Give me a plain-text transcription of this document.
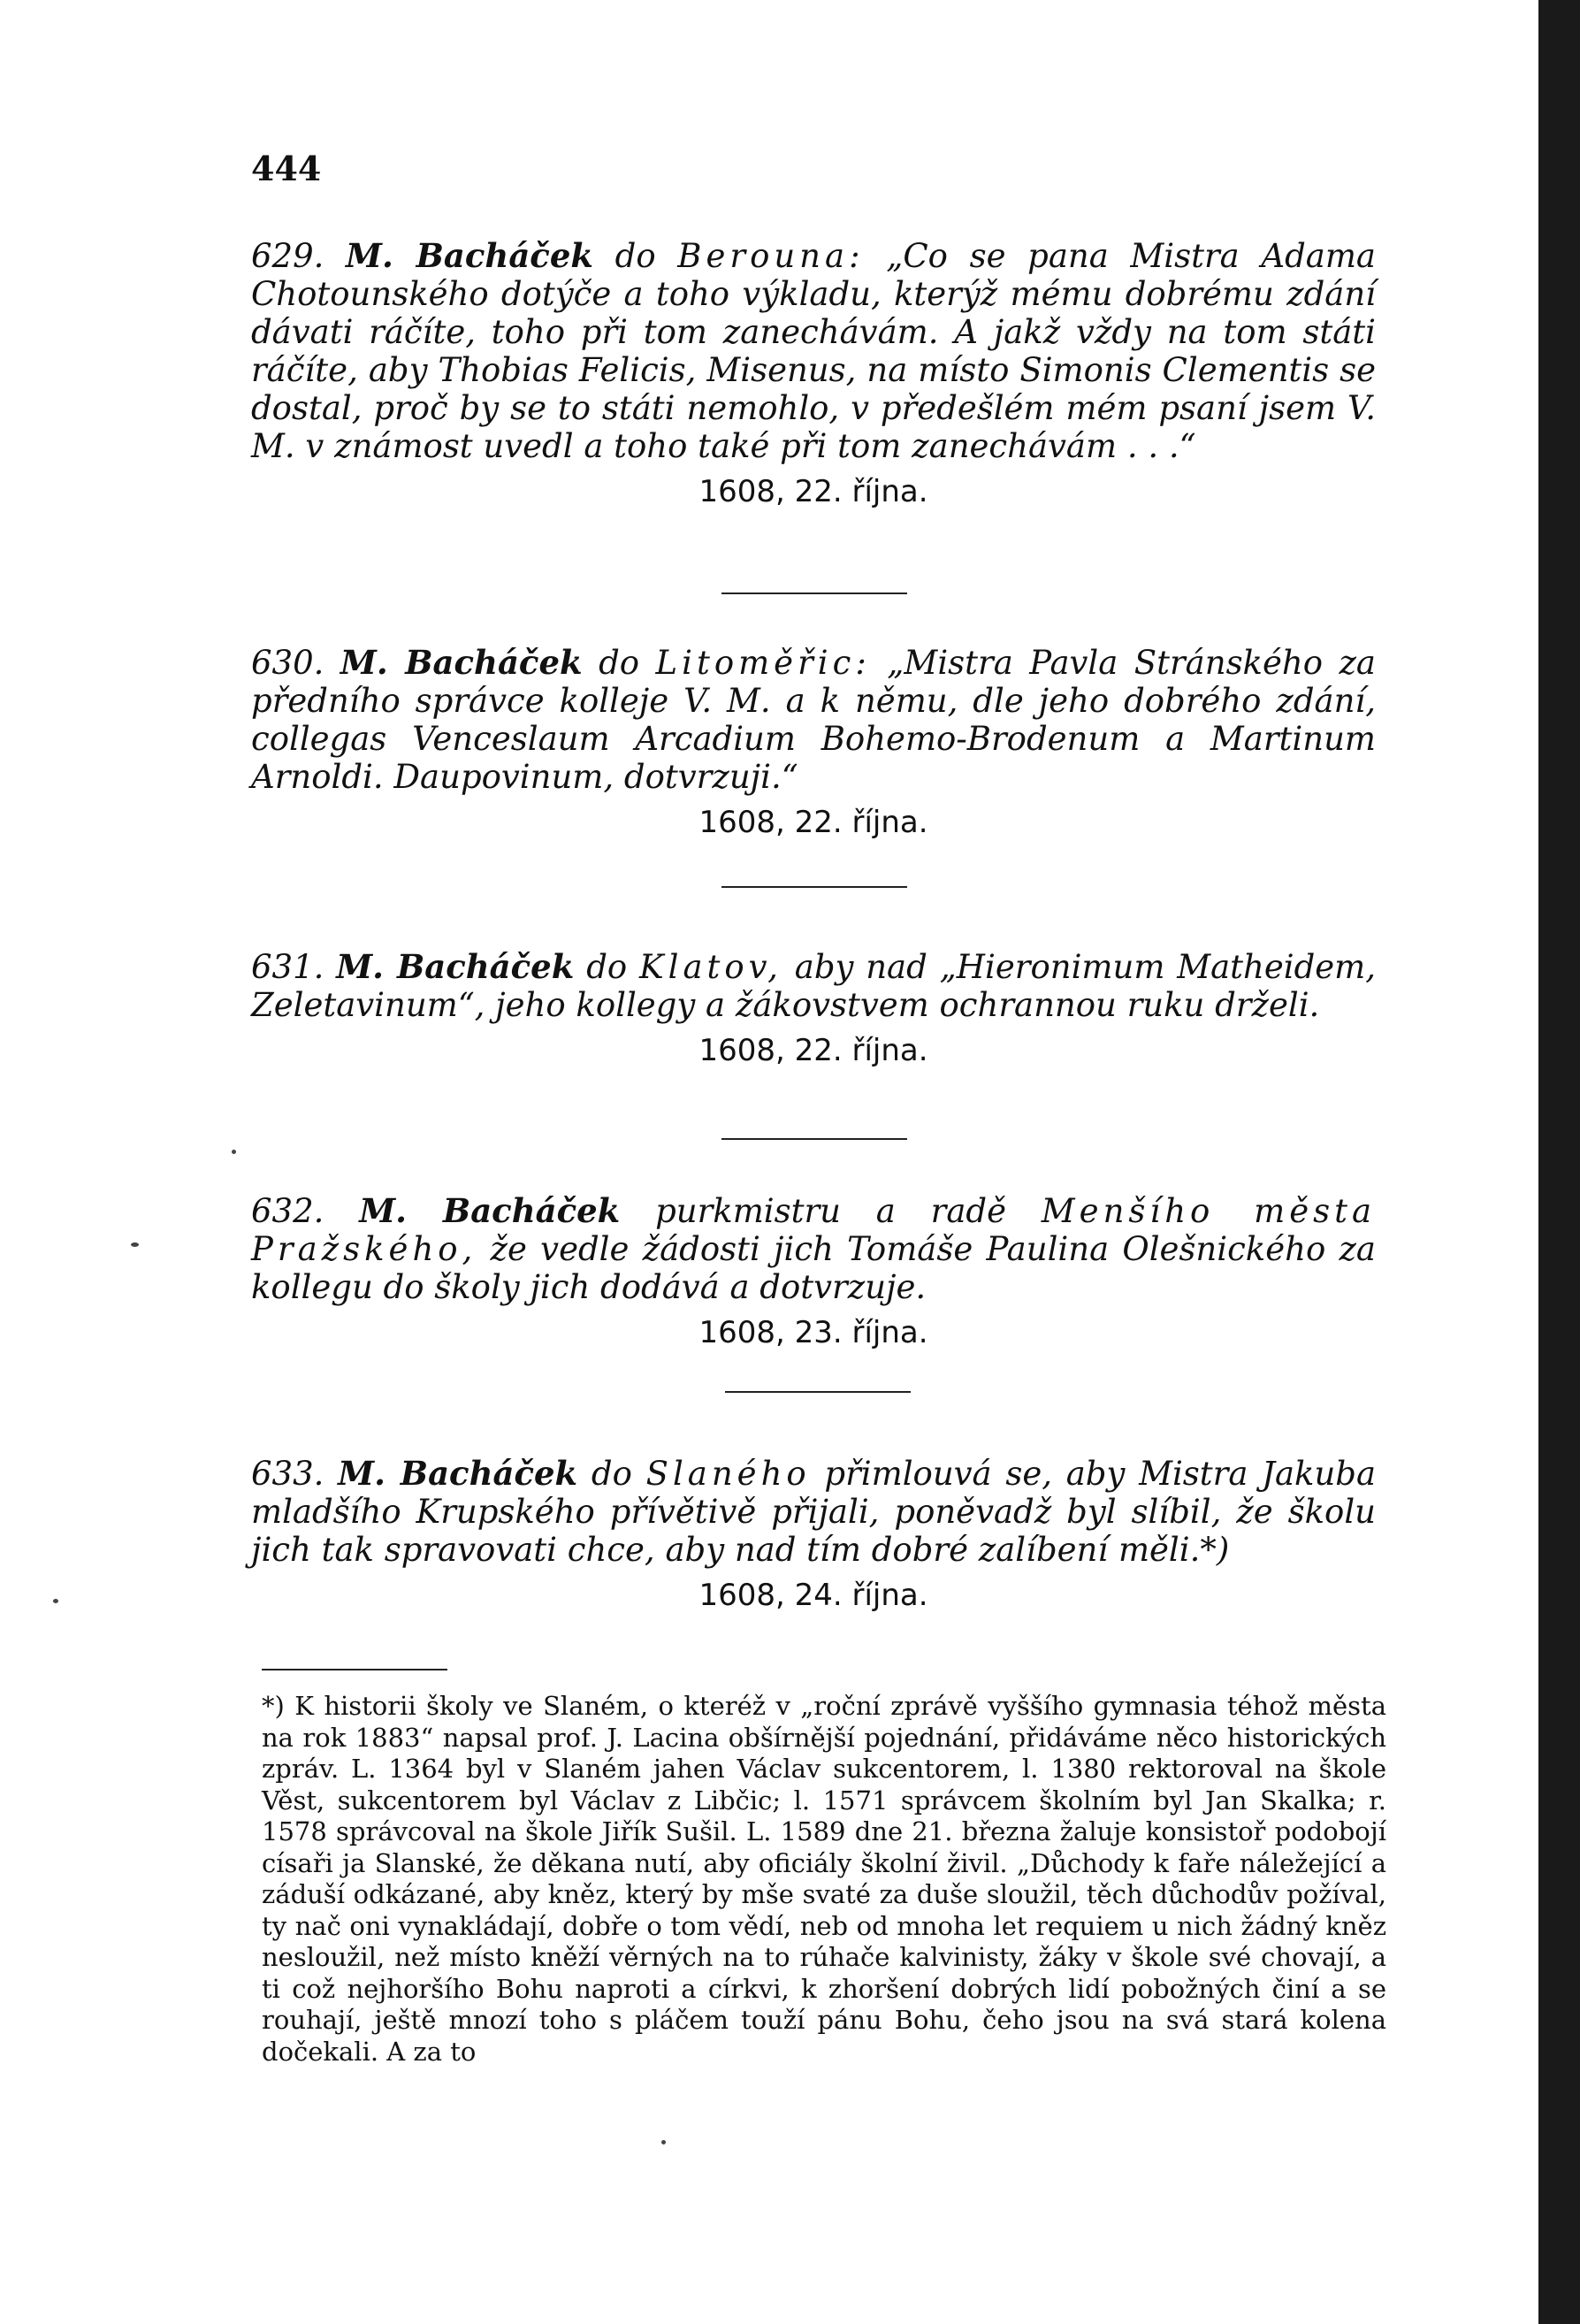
444

629. M. Bacháček do Berouna: „Co se pana Mistra Adama Chotounského dotýče a toho výkladu, kterýž mému dobrému zdání dávati ráčíte, toho při tom zanechávám. A jakž vždy na tom státi ráčíte, aby Thobias Felicis, Misenus, na místo Simonis Clementis se dostal, proč by se to státi nemohlo, v předešlém mém psaní jsem V. M. v známost uvedl a toho také při tom zanechávám . . .“

1608, 22. října.

630. M. Bacháček do Litoměřic: „Mistra Pavla Stránského za předního správce kolleje V. M. a k němu, dle jeho dobrého zdání, collegas Venceslaum Arcadium Bohemo-Brodenum a Martinum Arnoldi. Daupovinum, dotvrzuji.“

1608, 22. října.

631. M. Bacháček do Klatov, aby nad „Hieronimum Matheidem, Zeletavinum“, jeho kollegy a žákovstvem ochrannou ruku drželi.

1608, 22. října.

632. M. Bacháček purkmistru a radě Menšího města Pražského, že vedle žádosti jich Tomáše Paulina Olešnického za kollegu do školy jich dodává a dotvrzuje.

1608, 23. října.

633. M. Bacháček do Slaného přimlouvá se, aby Mistra Jakuba mladšího Krupského přívětivě přijali, poněvadž byl slíbil, že školu jich tak spravovati chce, aby nad tím dobré zalíbení měli.*)

1608, 24. října.

*) K historii školy ve Slaném, o kteréž v „roční zprávě vyššího gymnasia téhož města na rok 1883“ napsal prof. J. Lacina obšírnější pojednání, přidáváme něco historických zpráv. L. 1364 byl v Slaném jahen Václav sukcentorem, l. 1380 rektoroval na škole Věst, sukcentorem byl Václav z Libčic; l. 1571 správcem školním byl Jan Skalka; r. 1578 správcoval na škole Jiřík Sušil. L. 1589 dne 21. března žaluje konsistoř podobojí císaři ja Slanské, že děkana nutí, aby oficiály školní živil. „Důchody k faře náležející a záduší odkázané, aby kněz, který by mše svaté za duše sloužil, těch důchodův požíval, ty nač oni vynakládají, dobře o tom vědí, neb od mnoha let requiem u nich žádný kněz nesloužil, než místo kněží věrných na to rúhače kalvinisty, žáky v škole své chovají, a ti což nejhoršího Bohu naproti a církvi, k zhoršení dobrých lidí pobožných činí a se rouhají, ještě mnozí toho s pláčem touží pánu Bohu, čeho jsou na svá stará kolena dočekali. A za to
